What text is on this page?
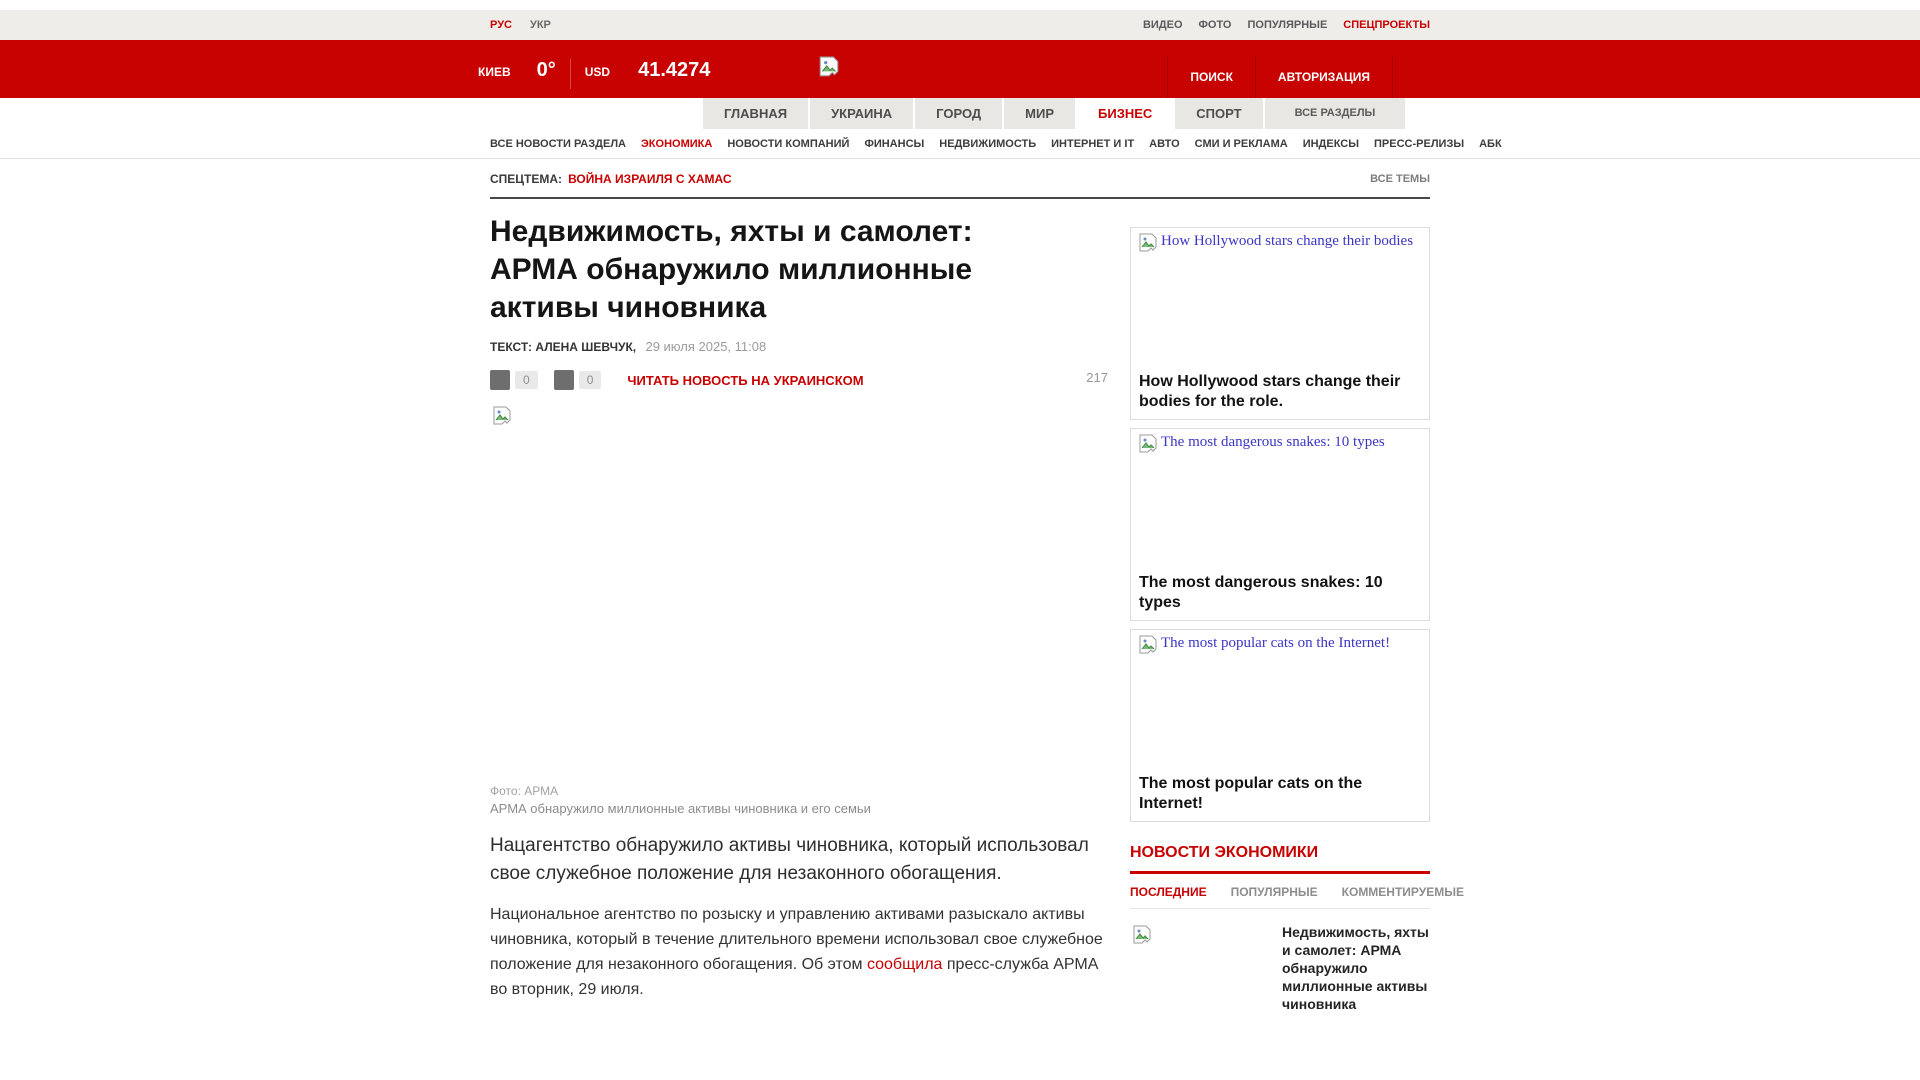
РУС УКР	ВИДЕО ФОТО ПОПУЛЯРНЫЕ СПЕЦПРОЕКТЫ
КИЕВ 0° USD 41.4274	ПОИСК	АВТОРИЗАЦИЯ
ГЛАВНАЯ	УКРАИНА	ГОРОД	МИР	БИЗНЕС	СПОРТ	ВСЕ РАЗДЕЛЫ
ВСЕ НОВОСТИ РАЗДЕЛА ЭКОНОМИКА НОВОСТИ КОМПАНИЙ ФИНАНСЫ НЕДВИЖИМОСТЬ ИНТЕРНЕТ И IT АВТО СМИ И РЕКЛАМА ИНДЕКСЫ ПРЕСС-РЕЛИЗЫ АБК
СПЕЦТЕМА: ВОЙНА ИЗРАИЛЯ С ХАМАС	ВСЕ ТЕМЫ
Недвижимость, яхты и самолет: АРМА обнаружило миллионные активы чиновника
ТЕКСТ: АЛЕНА ШЕВЧУК, 29 июля 2025, 11:08
0	0	ЧИТАТЬ НОВОСТЬ НА УКРАИНСКОМ	217
Фото: АРМА
АРМА обнаружило миллионные активы чиновника и его семьи

Нацагентство обнаружило активы чиновника, который использовал свое служебное положение для незаконного обогащения.

Национальное агентство по розыску и управлению активами разыскало активы чиновника, который в течение длительного времени использовал свое служебное положение для незаконного обогащения. Об этом сообщила пресс-служба АРМА во вторник, 29 июля.

How Hollywood stars change their bodies
How Hollywood stars change their bodies for the role.
The most dangerous snakes: 10 types
The most dangerous snakes: 10 types
The most popular cats on the Internet!
The most popular cats on the Internet!
НОВОСТИ ЭКОНОМИКИ
ПОСЛЕДНИЕ ПОПУЛЯРНЫЕ КОММЕНТИРУЕМЫЕ
Недвижимость, яхты и самолет: АРМА обнаружило миллионные активы чиновника
